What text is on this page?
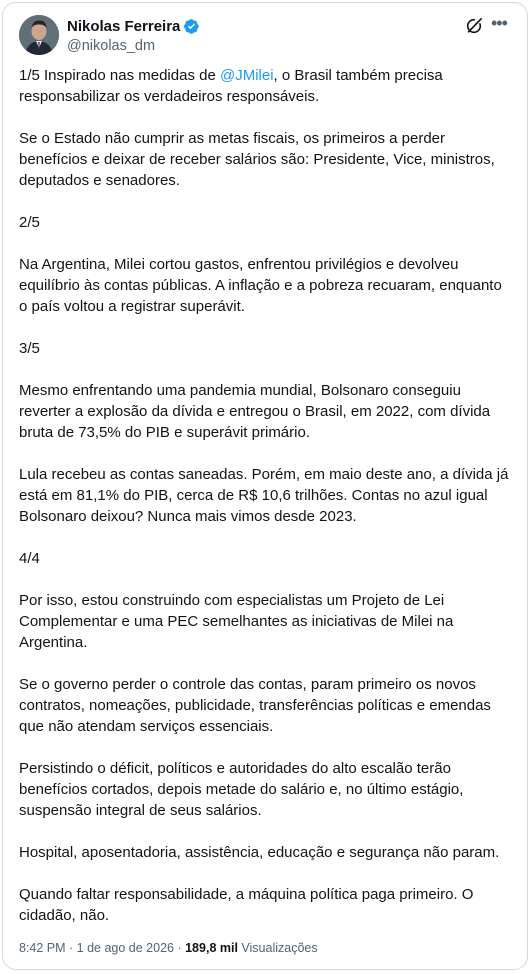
Nikolas Ferreira
@nikolas_dm
•••

1/5 Inspirado nas medidas de @JMilei, o Brasil também precisa responsabilizar os verdadeiros responsáveis.

Se o Estado não cumprir as metas fiscais, os primeiros a perder benefícios e deixar de receber salários são: Presidente, Vice, ministros, deputados e senadores.

2/5

Na Argentina, Milei cortou gastos, enfrentou privilégios e devolveu equilíbrio às contas públicas. A inflação e a pobreza recuaram, enquanto o país voltou a registrar superávit.

3/5

Mesmo enfrentando uma pandemia mundial, Bolsonaro conseguiu reverter a explosão da dívida e entregou o Brasil, em 2022, com dívida bruta de 73,5% do PIB e superávit primário.

Lula recebeu as contas saneadas. Porém, em maio deste ano, a dívida já está em 81,1% do PIB, cerca de R$ 10,6 trilhões. Contas no azul igual Bolsonaro deixou? Nunca mais vimos desde 2023.

4/4

Por isso, estou construindo com especialistas um Projeto de Lei Complementar e uma PEC semelhantes as iniciativas de Milei na Argentina.

Se o governo perder o controle das contas, param primeiro os novos contratos, nomeações, publicidade, transferências políticas e emendas que não atendam serviços essenciais.

Persistindo o déficit, políticos e autoridades do alto escalão terão benefícios cortados, depois metade do salário e, no último estágio, suspensão integral de seus salários.

Hospital, aposentadoria, assistência, educação e segurança não param.

Quando faltar responsabilidade, a máquina política paga primeiro. O cidadão, não.

8:42 PM · 1 de ago de 2026 · 189,8 mil Visualizações
